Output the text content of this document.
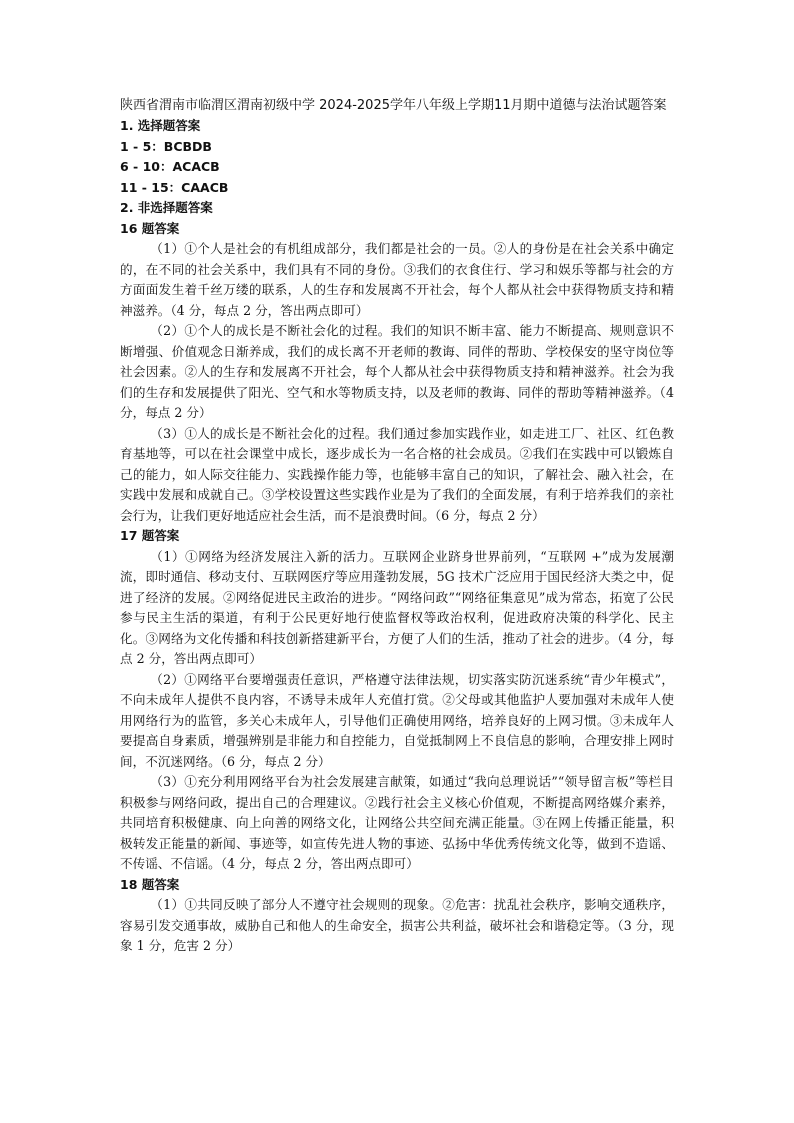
陕西省渭南市临渭区渭南初级中学 2024-2025学年八年级上学期11月期中道德与法治试题答案

1. 选择题答案

1 - 5：BCBDB

6 - 10：ACACB

11 - 15：CAACB

2. 非选择题答案

16 题答案

（1）①个人是社会的有机组成部分，我们都是社会的一员。②人的身份是在社会关系中确定的，在不同的社会关系中，我们具有不同的身份。③我们的衣食住行、学习和娱乐等都与社会的方方面面发生着千丝万缕的联系，人的生存和发展离不开社会，每个人都从社会中获得物质支持和精神滋养。（4 分，每点 2 分，答出两点即可）

（2）①个人的成长是不断社会化的过程。我们的知识不断丰富、能力不断提高、规则意识不断增强、价值观念日渐养成，我们的成长离不开老师的教诲、同伴的帮助、学校保安的坚守岗位等社会因素。②人的生存和发展离不开社会，每个人都从社会中获得物质支持和精神滋养。社会为我们的生存和发展提供了阳光、空气和水等物质支持，以及老师的教诲、同伴的帮助等精神滋养。（4 分，每点 2 分）

（3）①人的成长是不断社会化的过程。我们通过参加实践作业，如走进工厂、社区、红色教育基地等，可以在社会课堂中成长，逐步成长为一名合格的社会成员。②我们在实践中可以锻炼自己的能力，如人际交往能力、实践操作能力等，也能够丰富自己的知识，了解社会、融入社会，在实践中发展和成就自己。③学校设置这些实践作业是为了我们的全面发展，有利于培养我们的亲社会行为，让我们更好地适应社会生活，而不是浪费时间。（6 分，每点 2 分）

17 题答案

（1）①网络为经济发展注入新的活力。互联网企业跻身世界前列，“互联网 +”成为发展潮流，即时通信、移动支付、互联网医疗等应用蓬勃发展，5G 技术广泛应用于国民经济大类之中，促进了经济的发展。②网络促进民主政治的进步。“网络问政”“网络征集意见”成为常态，拓宽了公民参与民主生活的渠道，有利于公民更好地行使监督权等政治权利，促进政府决策的科学化、民主化。③网络为文化传播和科技创新搭建新平台，方便了人们的生活，推动了社会的进步。（4 分，每点 2 分，答出两点即可）

（2）①网络平台要增强责任意识，严格遵守法律法规，切实落实防沉迷系统“青少年模式”，不向未成年人提供不良内容，不诱导未成年人充值打赏。②父母或其他监护人要加强对未成年人使用网络行为的监管，多关心未成年人，引导他们正确使用网络，培养良好的上网习惯。③未成年人要提高自身素质，增强辨别是非能力和自控能力，自觉抵制网上不良信息的影响，合理安排上网时间，不沉迷网络。（6 分，每点 2 分）

（3）①充分利用网络平台为社会发展建言献策，如通过“我向总理说话”“领导留言板”等栏目积极参与网络问政，提出自己的合理建议。②践行社会主义核心价值观，不断提高网络媒介素养，共同培育积极健康、向上向善的网络文化，让网络公共空间充满正能量。③在网上传播正能量，积极转发正能量的新闻、事迹等，如宣传先进人物的事迹、弘扬中华优秀传统文化等，做到不造谣、不传谣、不信谣。（4 分，每点 2 分，答出两点即可）

18 题答案

（1）①共同反映了部分人不遵守社会规则的现象。②危害：扰乱社会秩序，影响交通秩序，容易引发交通事故，威胁自己和他人的生命安全，损害公共利益，破坏社会和谐稳定等。（3 分，现象 1 分，危害 2 分）
